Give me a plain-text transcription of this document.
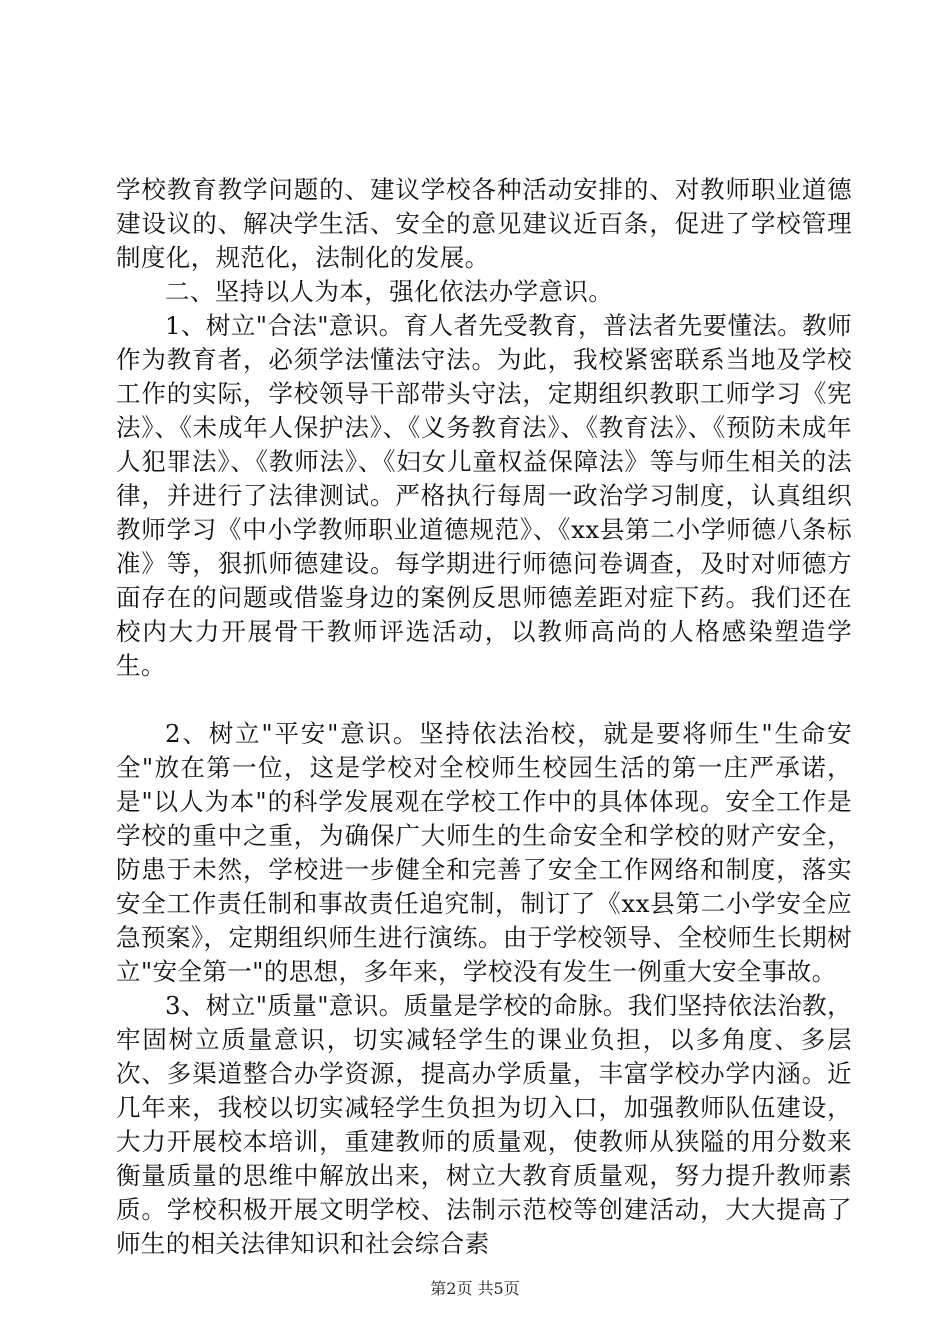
学校教育教学问题的、建议学校各种活动安排的、对教师职业道德建设议的、解决学生活、安全的意见建议近百条，促进了学校管理制度化，规范化，法制化的发展。

二、坚持以人为本，强化依法办学意识。

1、树立"合法"意识。育人者先受教育，普法者先要懂法。教师作为教育者，必须学法懂法守法。为此，我校紧密联系当地及学校工作的实际，学校领导干部带头守法，定期组织教职工师学习《宪法》、《未成年人保护法》、《义务教育法》、《教育法》、《预防未成年人犯罪法》、《教师法》、《妇女儿童权益保障法》等与师生相关的法律，并进行了法律测试。严格执行每周一政治学习制度，认真组织教师学习《中小学教师职业道德规范》、《xx县第二小学师德八条标准》等，狠抓师德建设。每学期进行师德问卷调查，及时对师德方面存在的问题或借鉴身边的案例反思师德差距对症下药。我们还在校内大力开展骨干教师评选活动，以教师高尚的人格感染塑造学生。

2、树立"平安"意识。坚持依法治校，就是要将师生"生命安全"放在第一位，这是学校对全校师生校园生活的第一庄严承诺，是"以人为本"的科学发展观在学校工作中的具体体现。安全工作是学校的重中之重，为确保广大师生的生命安全和学校的财产安全，防患于未然，学校进一步健全和完善了安全工作网络和制度，落实安全工作责任制和事故责任追究制，制订了《xx县第二小学安全应急预案》，定期组织师生进行演练。由于学校领导、全校师生长期树立"安全第一"的思想，多年来，学校没有发生一例重大安全事故。

3、树立"质量"意识。质量是学校的命脉。我们坚持依法治教，牢固树立质量意识，切实减轻学生的课业负担，以多角度、多层次、多渠道整合办学资源，提高办学质量，丰富学校办学内涵。近几年来，我校以切实减轻学生负担为切入口，加强教师队伍建设，大力开展校本培训，重建教师的质量观，使教师从狭隘的用分数来衡量质量的思维中解放出来，树立大教育质量观，努力提升教师素质。学校积极开展文明学校、法制示范校等创建活动，大大提高了师生的相关法律知识和社会综合素

第2页 共5页
